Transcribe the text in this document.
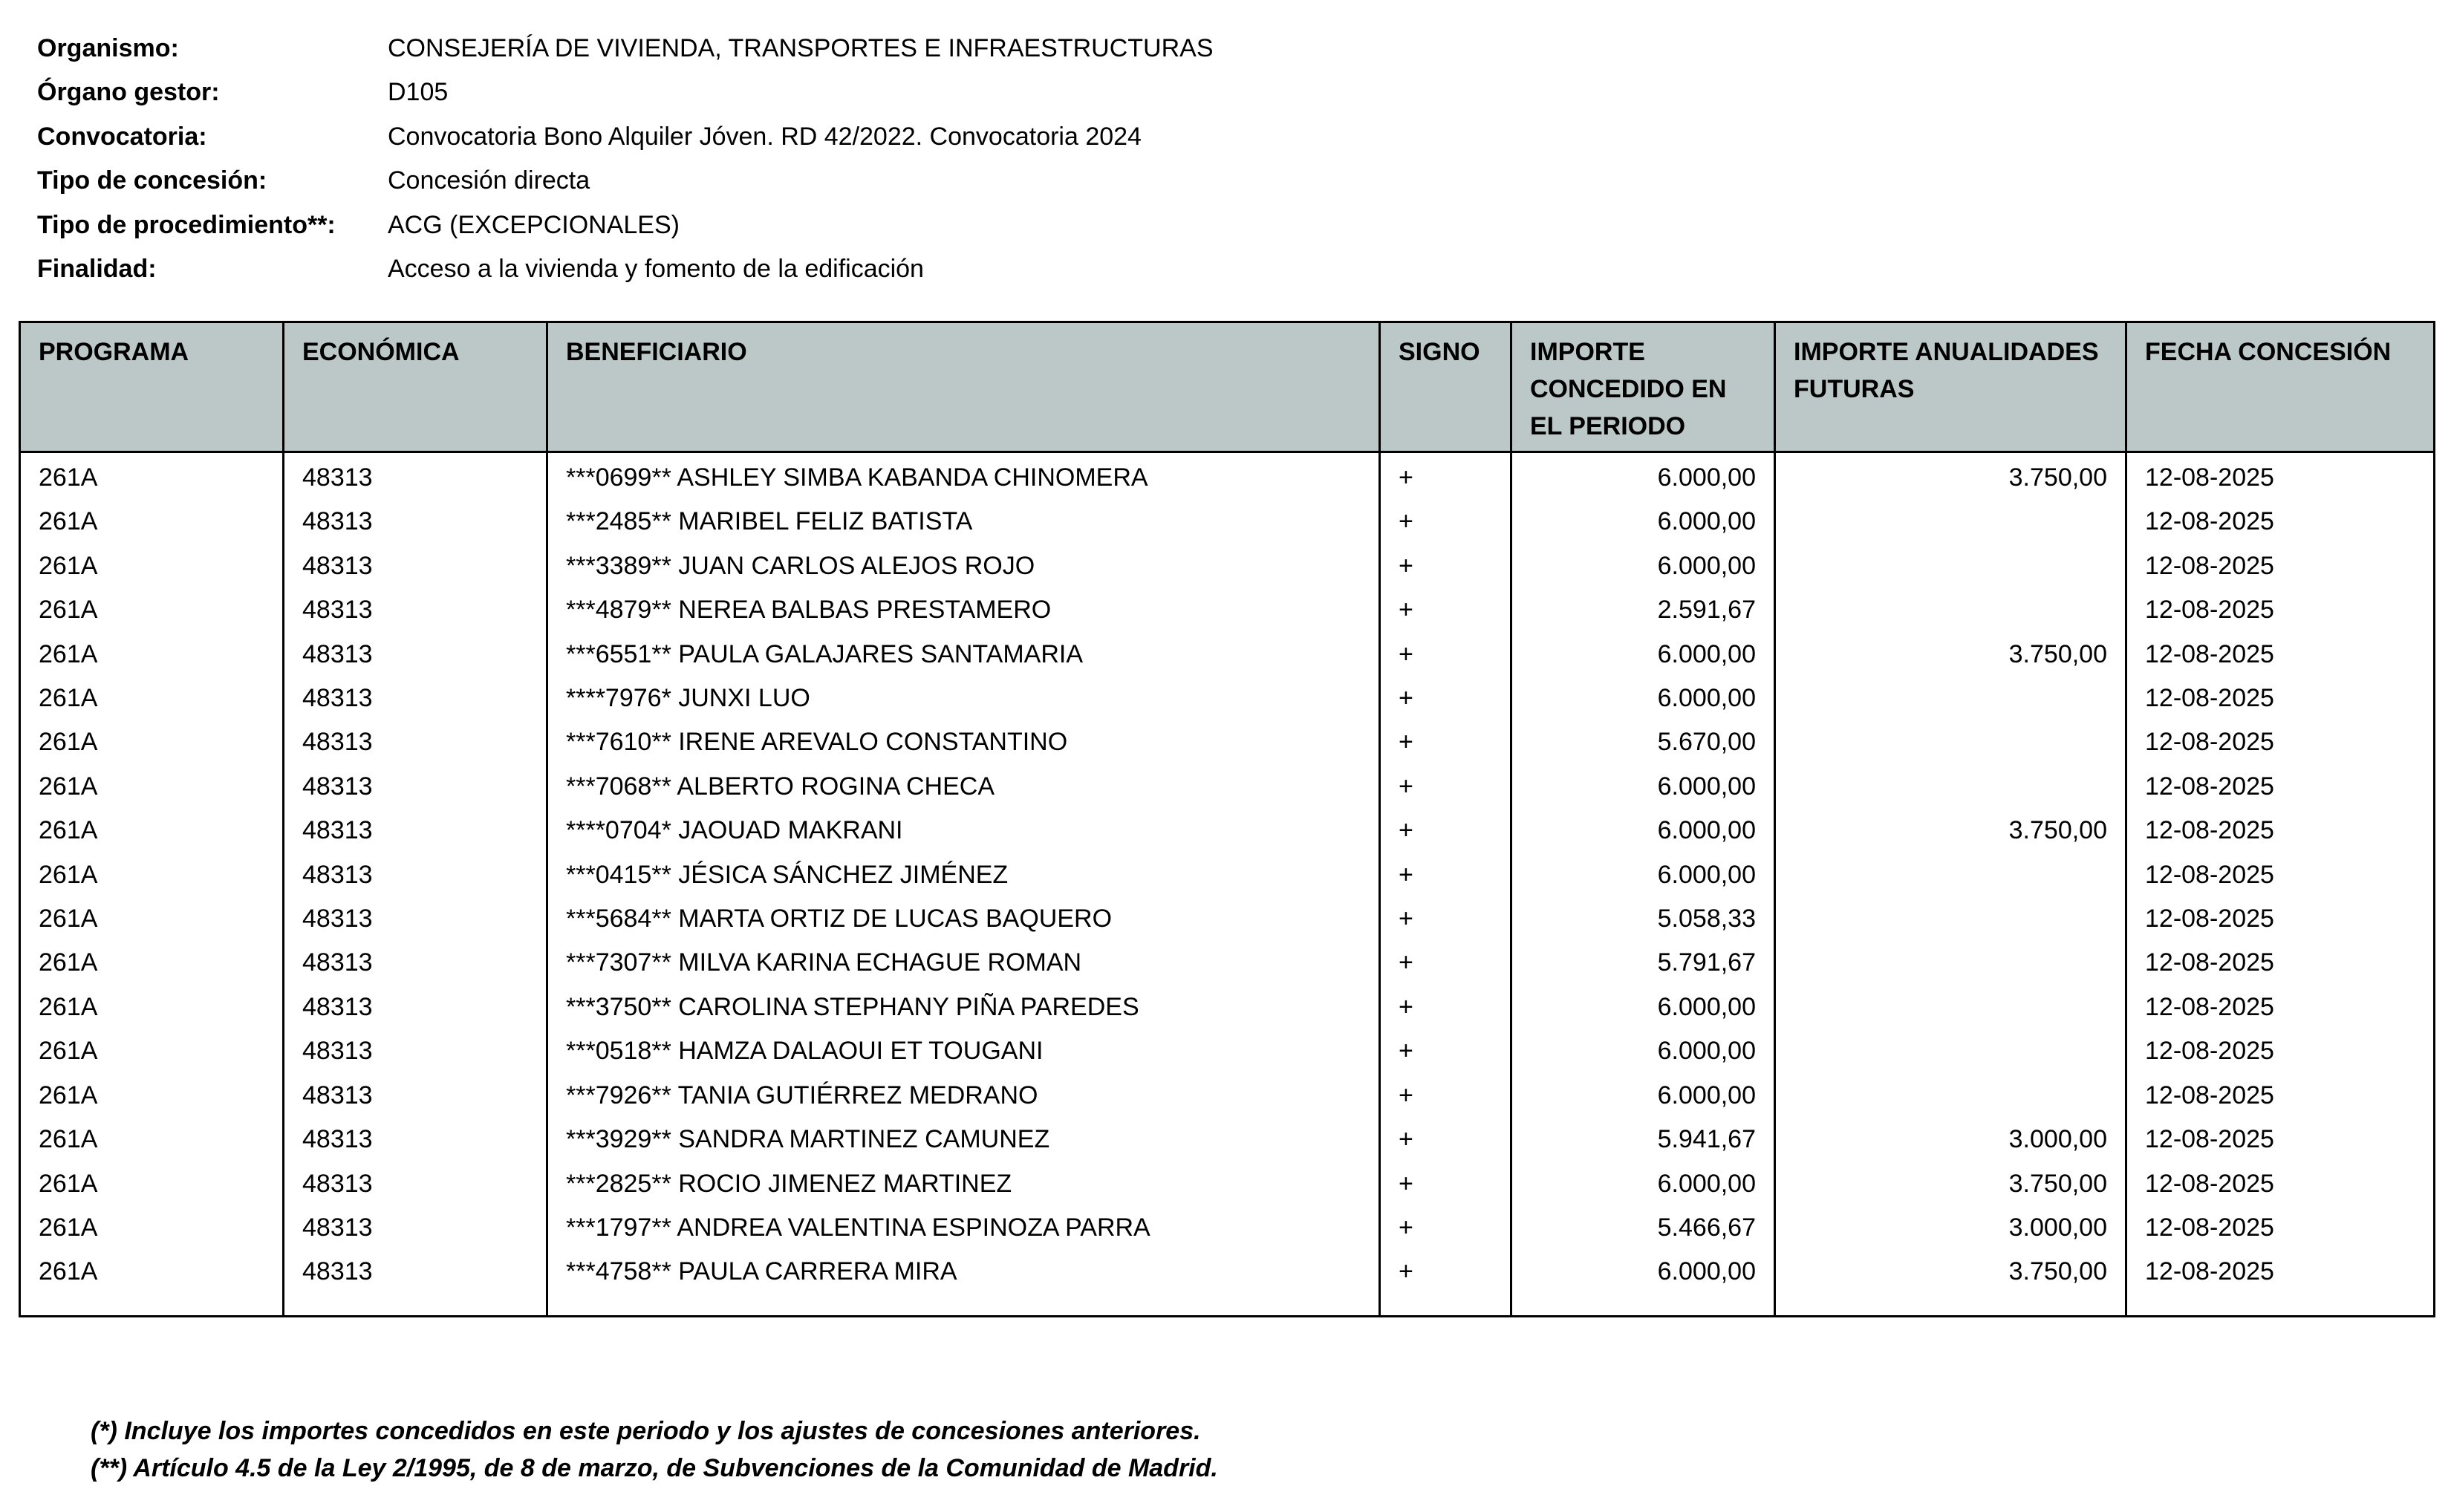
Organismo:	CONSEJERÍA DE VIVIENDA, TRANSPORTES E INFRAESTRUCTURAS
Órgano gestor:	D105
Convocatoria:	Convocatoria Bono Alquiler Jóven. RD 42/2022. Convocatoria 2024
Tipo de concesión:	Concesión directa
Tipo de procedimiento**:	ACG (EXCEPCIONALES)
Finalidad:	Acceso a la vivienda y fomento de la edificación
PROGRAMA	ECONÓMICA	BENEFICIARIO	SIGNO	IMPORTE CONCEDIDO EN EL PERIODO	IMPORTE ANUALIDADES FUTURAS	FECHA CONCESIÓN
261A	48313	***0699** ASHLEY SIMBA KABANDA CHINOMERA	+	6.000,00	3.750,00	12-08-2025
261A	48313	***2485** MARIBEL FELIZ BATISTA	+	6.000,00		12-08-2025
261A	48313	***3389** JUAN CARLOS ALEJOS ROJO	+	6.000,00		12-08-2025
261A	48313	***4879** NEREA BALBAS PRESTAMERO	+	2.591,67		12-08-2025
261A	48313	***6551** PAULA GALAJARES SANTAMARIA	+	6.000,00	3.750,00	12-08-2025
261A	48313	****7976* JUNXI LUO	+	6.000,00		12-08-2025
261A	48313	***7610** IRENE AREVALO CONSTANTINO	+	5.670,00		12-08-2025
261A	48313	***7068** ALBERTO ROGINA CHECA	+	6.000,00		12-08-2025
261A	48313	****0704* JAOUAD MAKRANI	+	6.000,00	3.750,00	12-08-2025
261A	48313	***0415** JÉSICA SÁNCHEZ JIMÉNEZ	+	6.000,00		12-08-2025
261A	48313	***5684** MARTA ORTIZ DE LUCAS BAQUERO	+	5.058,33		12-08-2025
261A	48313	***7307** MILVA KARINA ECHAGUE ROMAN	+	5.791,67		12-08-2025
261A	48313	***3750** CAROLINA STEPHANY PIÑA PAREDES	+	6.000,00		12-08-2025
261A	48313	***0518** HAMZA DALAOUI ET TOUGANI	+	6.000,00		12-08-2025
261A	48313	***7926** TANIA GUTIÉRREZ MEDRANO	+	6.000,00		12-08-2025
261A	48313	***3929** SANDRA MARTINEZ CAMUNEZ	+	5.941,67	3.000,00	12-08-2025
261A	48313	***2825** ROCIO JIMENEZ MARTINEZ	+	6.000,00	3.750,00	12-08-2025
261A	48313	***1797** ANDREA VALENTINA ESPINOZA PARRA	+	5.466,67	3.000,00	12-08-2025
261A	48313	***4758** PAULA CARRERA MIRA	+	6.000,00	3.750,00	12-08-2025

(*) Incluye los importes concedidos en este periodo y los ajustes de concesiones anteriores.
(**) Artículo 4.5 de la Ley 2/1995, de 8 de marzo, de Subvenciones de la Comunidad de Madrid.
